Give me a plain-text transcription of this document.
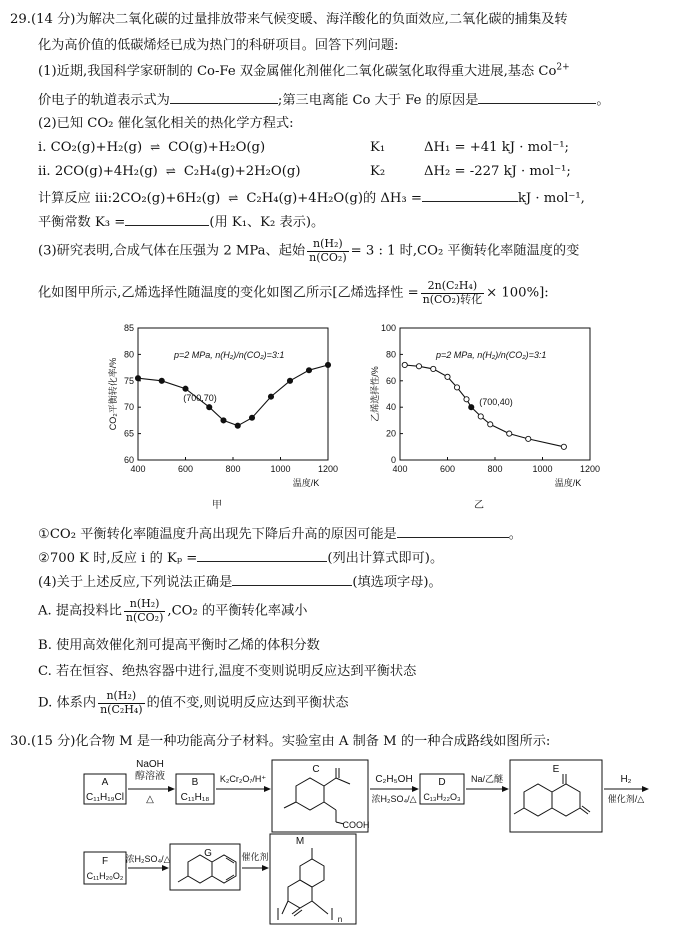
29.(14 分)为解决二氧化碳的过量排放带来气候变暖、海洋酸化的负面效应,二氧化碳的捕集及转
化为高价值的低碳烯烃已成为热门的科研项目。回答下列问题:
(1)近期,我国科学家研制的 Co-Fe 双金属催化剂催化二氧化碳氢化取得重大进展,基态 $Co^{2+}$
价电子的轨道表示式为	;第三电离能 Co 大于 Fe 的原因是	。
(2)已知 CO₂ 催化氢化相关的热化学方程式:
i. CO₂(g)+H₂(g) ⇌ CO(g)+H₂O(g)	K₁	ΔH₁ = +41 kJ · mol⁻¹;
ii. 2CO(g)+4H₂(g) ⇌ C₂H₄(g)+2H₂O(g)	K₂	ΔH₂ = -227 kJ · mol⁻¹;
计算反应 iii:2CO₂(g)+6H₂(g) ⇌ C₂H₄(g)+4H₂O(g)的 ΔH₃ =	kJ · mol⁻¹,
平衡常数 K₃ =	(用 K₁、K₂ 表示)。
(3)研究表明,合成气体在压强为 2 MPa、起始 $\frac{\text{n(H₂)}}{\text{n(CO₂)}} = 3$ : 1 时,CO₂ 平衡转化率随温度的变
化如图甲所示,乙烯选择性随温度的变化如图乙所示[乙烯选择性 = $\frac{\text{2n(C₂H₄)}}{\text{n(CO₂)转化}} \times 100\%$]:
400	600	800	1000	1200
60
65
70
75
80
85
(700,70)
p=2 MPa, n(H₂)/n(CO₂)=3:1
温度/K
CO₂平衡转化率/%
甲
400	600	800	1000	1200
0
20
40
60
80
100
(700,40)
p=2 MPa, n(H₂)/n(CO₂)=3:1
温度/K
乙烯选择性/%
乙
①CO₂ 平衡转化率随温度升高出现先下降后升高的原因可能是	。
②700 K 时,反应 i 的 Kₚ =	(列出计算式即可)。
(4)关于上述反应,下列说法正确是	(填选项字母)。
A. 提高投料比 $\frac{\text{n(H₂)}}{\text{n(CO₂)}} ,CO_2$ 的平衡转化率减小
B. 使用高效催化剂可提高平衡时乙烯的体积分数
C. 若在恒容、绝热容器中进行,温度不变则说明反应达到平衡状态
D. 体系内 $\frac{\text{n(H₂)}}{\text{n(C₂H₄)}}$ 的值不变,则说明反应达到平衡状态
30.(15 分)化合物 M 是一种功能高分子材料。实验室由 A 制备 M 的一种合成路线如图所示:
A
C₁₁H₁₉Cl
B
C₁₁H₁₈
C
COOH
D
C₁₃H₂₂O₃
E
F
C₁₁H₂₀O₂
G
M
n
NaOH
醇溶液
△
K₂Cr₂O₇/H⁺	C₂H₅OH
浓H₂SO₄/△
Na/乙醚	H₂
催化剂/△
浓H₂SO₄/△	催化剂
